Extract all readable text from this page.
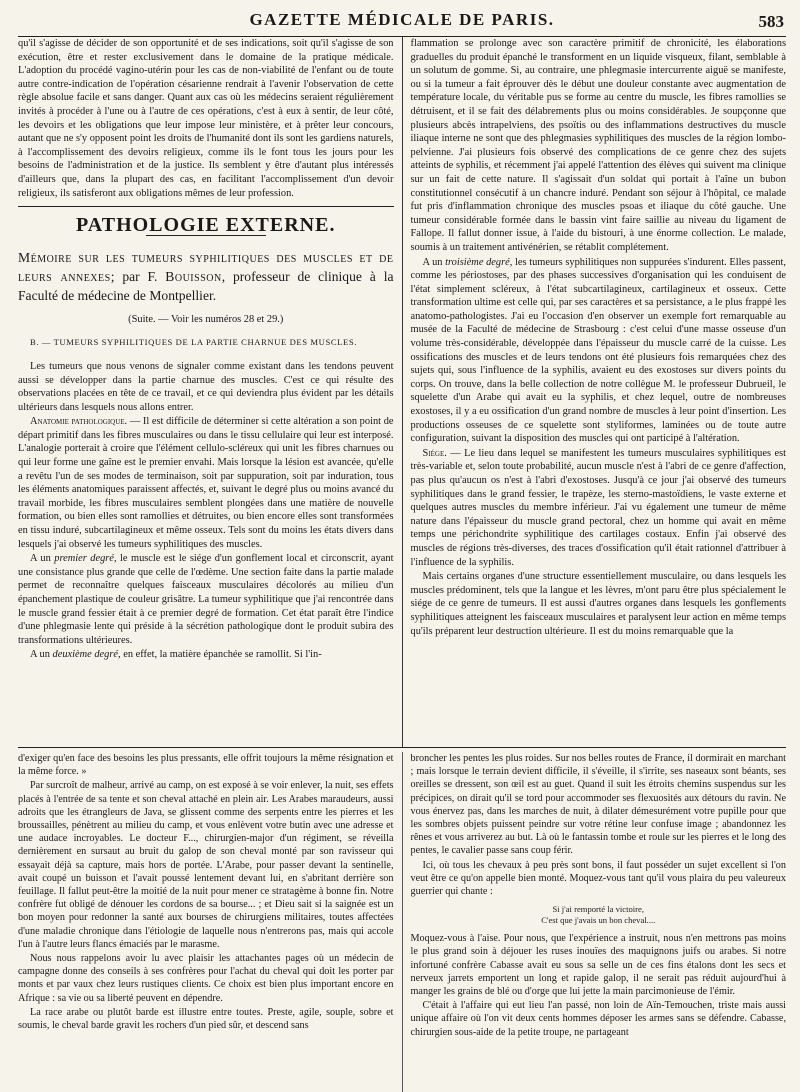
GAZETTE MÉDICALE DE PARIS.	583

qu'il s'agisse de décider de son opportunité et de ses indications, soit qu'il s'agisse de son exécution, être et rester exclusivement dans le domaine de la pratique médicale. L'adoption du procédé vagino-utérin pour les cas de non-viabilité de l'enfant ou de toute autre contre-indication de l'opération césarienne rendrait à l'avenir l'observation de cette règle absolue facile et sans danger. Quant aux cas où les médecins seraient régulièrement invités à procéder à l'une ou à l'autre de ces opérations, c'est à eux à sentir, de leur côté, les devoirs et les obligations que leur impose leur ministère, et à prêter leur concours, autant que ne s'y opposent point les droits de l'humanité dont ils sont les gardiens naturels, à l'accomplissement des devoirs religieux, comme ils le font tous les jours pour les besoins de l'administration et de la justice. Ils semblent y être d'autant plus intéressés d'ailleurs que, dans la plupart des cas, en facilitant l'accomplissement d'un devoir religieux, ils satisferont aux obligations mêmes de leur profession.

PATHOLOGIE EXTERNE.
Mémoire sur les tumeurs syphilitiques des muscles et de leurs annexes; par F. Bouisson, professeur de clinique à la Faculté de médecine de Montpellier.
(Suite. — Voir les numéros 28 et 29.)
B. — TUMEURS SYPHILITIQUES DE LA PARTIE CHARNUE DES MUSCLES.

Les tumeurs que nous venons de signaler comme existant dans les tendons peuvent aussi se développer dans la partie charnue des muscles. C'est ce qui résulte des observations placées en tête de ce travail, et ce qui deviendra plus évident par les détails ultérieurs dans lesquels nous allons entrer.

Anatomie pathologique. — Il est difficile de déterminer si cette altération a son point de départ primitif dans les fibres musculaires ou dans le tissu cellulaire qui leur est interposé. L'analogie porterait à croire que l'élément cellulo-scléreux qui unit les fibres charnues ou qui leur forme une gaîne est le premier envahi. Mais lorsque la lésion est avancée, qu'elle a revêtu l'un de ses modes de terminaison, soit par suppuration, soit par induration, tous les éléments anatomiques paraissent affectés, et, suivant le degré plus ou moins avancé du travail morbide, les fibres musculaires semblent plongées dans une matière de nouvelle formation, ou bien elles sont ramollies et détruites, ou bien encore elles sont transformées en tissu induré, subcartilagineux et même osseux. Tels sont du moins les états divers dans lesquels j'ai observé les tumeurs syphilitiques des muscles.

A un premier degré, le muscle est le siége d'un gonflement local et circonscrit, ayant une consistance plus grande que celle de l'œdème. Une section faite dans la partie malade permet de reconnaître quelques faisceaux musculaires décolorés au milieu d'un épanchement plastique de couleur grisâtre. La tumeur syphilitique que j'ai rencontrée dans le muscle grand fessier était à ce premier degré de formation. Cet état paraît être l'indice d'une phlegmasie lente qui préside à la sécrétion pathologique dont le produit subira des transformations ultérieures.

A un deuxième degré, en effet, la matière épanchée se ramollit. Si l'in-

flammation se prolonge avec son caractère primitif de chronicité, les élaborations graduelles du produit épanché le transforment en un liquide visqueux, filant, semblable à un solutum de gomme. Si, au contraire, une phlegmasie intercurrente aiguë se manifeste, ou si la tumeur a fait éprouver dès le début une douleur constante avec augmentation de température locale, du véritable pus se forme au centre du muscle, les fibres ramollies se détruisent, et il se fait des délabrements plus ou moins considérables. Je soupçonne que plusieurs abcès intrapelviens, des psoïtis ou des inflammations destructives du muscle iliaque interne ne sont que des phlegmasies syphilitiques des muscles de la région lombo-pelvienne. J'ai plusieurs fois observé des complications de ce genre chez des sujets atteints de syphilis, et récemment j'ai appelé l'attention des élèves qui suivent ma clinique sur un fait de cette nature. Il s'agissait d'un soldat qui portait à l'aîne un bubon constitutionnel consécutif à un chancre induré. Pendant son séjour à l'hôpital, ce malade fut pris d'inflammation chronique des muscles psoas et iliaque du côté gauche. Une tumeur considérable formée dans le bassin vint faire saillie au niveau du ligament de Fallope. Il fallut donner issue, à l'aide du bistouri, à une énorme collection. Le malade, soumis à un traitement antivénérien, se rétablit complétement.

A un troisième degré, les tumeurs syphilitiques non suppurées s'indurent. Elles passent, comme les périostoses, par des phases successives d'organisation qui les conduisent de l'état simplement scléreux, à l'état subcartilagineux, cartilagineux et osseux. Cette transformation ultime est celle qui, par ses caractères et sa persistance, a le plus frappé les anatomo-pathologistes. J'ai eu l'occasion d'en observer un exemple fort remarquable au musée de la Faculté de médecine de Strasbourg : c'est celui d'une masse osseuse d'un volume très-considérable, développée dans l'épaisseur du muscle carré de la cuisse. Les ossifications des muscles et de leurs tendons ont été plusieurs fois remarquées chez des sujets qui, sous l'influence de la syphilis, avaient eu des exostoses sur divers points du corps. On trouve, dans la belle collection de notre collègue M. le professeur Dubrueil, le squelette d'un Arabe qui avait eu la syphilis, et chez lequel, outre de nombreuses exostoses, il y a eu ossification d'un grand nombre de muscles à leur point d'insertion. Les productions osseuses de ce squelette sont styliformes, laminées ou de toute autre configuration, suivant la disposition des muscles qui ont participé à l'altération.

Siége. — Le lieu dans lequel se manifestent les tumeurs musculaires syphilitiques est très-variable et, selon toute probabilité, aucun muscle n'est à l'abri de ce genre d'affection, pas plus qu'aucun os n'est à l'abri d'exostoses. Jusqu'à ce jour j'ai observé des tumeurs syphilitiques dans le grand fessier, le trapèze, les sterno-mastoïdiens, le vaste externe et quelques autres muscles du membre inférieur. J'ai vu également une tumeur de même nature dans l'épaisseur du muscle grand pectoral, chez un homme qui avait en même temps une périchondrite syphilitique des cartilages costaux. Enfin j'ai observé des muscles de régions très-diverses, des traces d'ossification qu'il était rationnel d'attribuer à l'influence de la syphilis.

Mais certains organes d'une structure essentiellement musculaire, ou dans lesquels les muscles prédominent, tels que la langue et les lèvres, m'ont paru être plus spécialement le siége de ce genre de tumeurs. Il est aussi d'autres organes dans lesquels les gonflements syphilitiques atteignent les faisceaux musculaires et paralysent leur action en même temps qu'ils préparent leur destruction ultérieure. Il est du moins remarquable que la

d'exiger qu'en face des besoins les plus pressants, elle offrit toujours la même résignation et la même force. »

Par surcroît de malheur, arrivé au camp, on est exposé à se voir enlever, la nuit, ses effets placés à l'entrée de sa tente et son cheval attaché en plein air. Les Arabes maraudeurs, aussi adroits que les étrangleurs de Java, se glissent comme des serpents entre les pierres et les broussailles, pénètrent au milieu du camp, et vous enlèvent votre butin avec une adresse et une audace incroyables. Le docteur F..., chirurgien-major d'un régiment, se réveilla dernièrement en sursaut au bruit du galop de son cheval monté par son ravisseur qui essayait déjà sa capture, mais hors de portée. L'Arabe, pour passer devant la sentinelle, avait coupé un buisson et l'avait poussé lentement devant lui, en s'abritant derrière son feuillage. Il fallut peut-être la moitié de la nuit pour mener ce stratagème à bonne fin. Notre confrère fut obligé de dénouer les cordons de sa bourse... ; et Dieu sait si la saignée est un bon moyen pour redonner la santé aux bourses de chirurgiens militaires, toutes affectées d'une maladie chronique dans l'étiologie de laquelle nous n'entrerons pas, mais qui accole l'un à l'autre leurs flancs émaciés par le marasme.

Nous nous rappelons avoir lu avec plaisir les attachantes pages où un médecin de campagne donne des conseils à ses confrères pour l'achat du cheval qui doit les porter par monts et par vaux chez leurs rustiques clients. Ce choix est bien plus important encore en Afrique : sa vie ou sa liberté peuvent en dépendre.

La race arabe ou plutôt barde est illustre entre toutes. Preste, agile, souple, sobre et soumis, le cheval barde gravit les rochers d'un pied sûr, et descend sans

broncher les pentes les plus roides. Sur nos belles routes de France, il dormirait en marchant ; mais lorsque le terrain devient difficile, il s'éveille, il s'irrite, ses naseaux sont béants, ses oreilles se dressent, son œil est au guet. Quand il suit les étroits chemins suspendus sur les précipices, on dirait qu'il se tord pour accommoder ses flexuosités aux détours du ravin. Ne vous énervez pas, dans les marches de nuit, à dilater démesurément votre pupille pour que les sombres objets puissent peindre sur votre rétine leur confuse image ; abandonnez les rênes et vous arriverez au but. Là où le fantassin tombe et roule sur les pierres et le long des pentes, le cavalier passe sans coup férir.

Ici, où tous les chevaux à peu près sont bons, il faut posséder un sujet excellent si l'on veut être ce qu'on appelle bien monté. Moquez-vous tant qu'il vous plaira du peu valeureux guerrier qui chante :

Si j'ai remporté la victoire,
C'est que j'avais un bon cheval....

Moquez-vous à l'aise. Pour nous, que l'expérience a instruit, nous n'en mettrons pas moins le plus grand soin à déjouer les ruses inouïes des maquignons juifs ou arabes. Si notre infortuné confrère Cabasse avait eu sous sa selle un de ces fins étalons dont les secs et nerveux jarrets emportent un long et rapide galop, il ne serait pas réduit aujourd'hui à manger les grains de blé ou d'orge que lui jette la main parcimonieuse de l'émir.

C'était à l'affaire qui eut lieu l'an passé, non loin de Aïn-Temouchen, triste mais aussi unique affaire où l'on vit deux cents hommes déposer les armes sans se défendre. Cabasse, chirurgien sous-aide de la petite troupe, ne partageant
